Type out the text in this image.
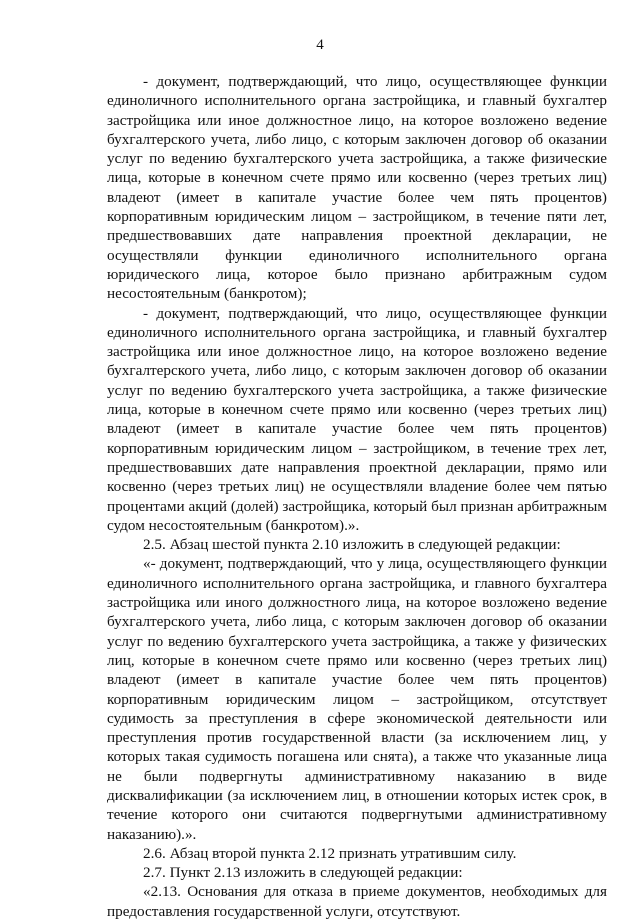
4

- документ, подтверждающий, что лицо, осуществляющее функции единоличного исполнительного органа застройщика, и главный бухгалтер застройщика или иное должностное лицо, на которое возложено ведение бухгалтерского учета, либо лицо, с которым заключен договор об оказании услуг по ведению бухгалтерского учета застройщика, а также физические лица, которые в конечном счете прямо или косвенно (через третьих лиц) владеют (имеет в капитале участие более чем пять процентов) корпоративным юридическим лицом – застройщиком, в течение пяти лет, предшествовавших дате направления проектной декларации, не осуществляли функции единоличного исполнительного органа юридического лица, которое было признано арбитражным судом несостоятельным (банкротом);

- документ, подтверждающий, что лицо, осуществляющее функции единоличного исполнительного органа застройщика, и главный бухгалтер застройщика или иное должностное лицо, на которое возложено ведение бухгалтерского учета, либо лицо, с которым заключен договор об оказании услуг по ведению бухгалтерского учета застройщика, а также физические лица, которые в конечном счете прямо или косвенно (через третьих лиц) владеют (имеет в капитале участие более чем пять процентов) корпоративным юридическим лицом – застройщиком, в течение трех лет, предшествовавших дате направления проектной декларации, прямо или косвенно (через третьих лиц) не осуществляли владение более чем пятью процентами акций (долей) застройщика, который был признан арбитражным судом несостоятельным (банкротом).».

2.5. Абзац шестой пункта 2.10 изложить в следующей редакции:

«- документ, подтверждающий, что у лица, осуществляющего функции единоличного исполнительного органа застройщика, и главного бухгалтера застройщика или иного должностного лица, на которое возложено ведение бухгалтерского учета, либо лица, с которым заключен договор об оказании услуг по ведению бухгалтерского учета застройщика, а также у физических лиц, которые в конечном счете прямо или косвенно (через третьих лиц) владеют (имеет в капитале участие более чем пять процентов) корпоративным юридическим лицом – застройщиком, отсутствует судимость за преступления в сфере экономической деятельности или преступления против государственной власти (за исключением лиц, у которых такая судимость погашена или снята), а также что указанные лица не были подвергнуты административному наказанию в виде дисквалификации (за исключением лиц, в отношении которых истек срок, в течение которого они считаются подвергнутыми административному наказанию).».

2.6. Абзац второй пункта 2.12 признать утратившим силу.

2.7. Пункт 2.13 изложить в следующей редакции:

«2.13. Основания для отказа в приеме документов, необходимых для предоставления государственной услуги, отсутствуют.
